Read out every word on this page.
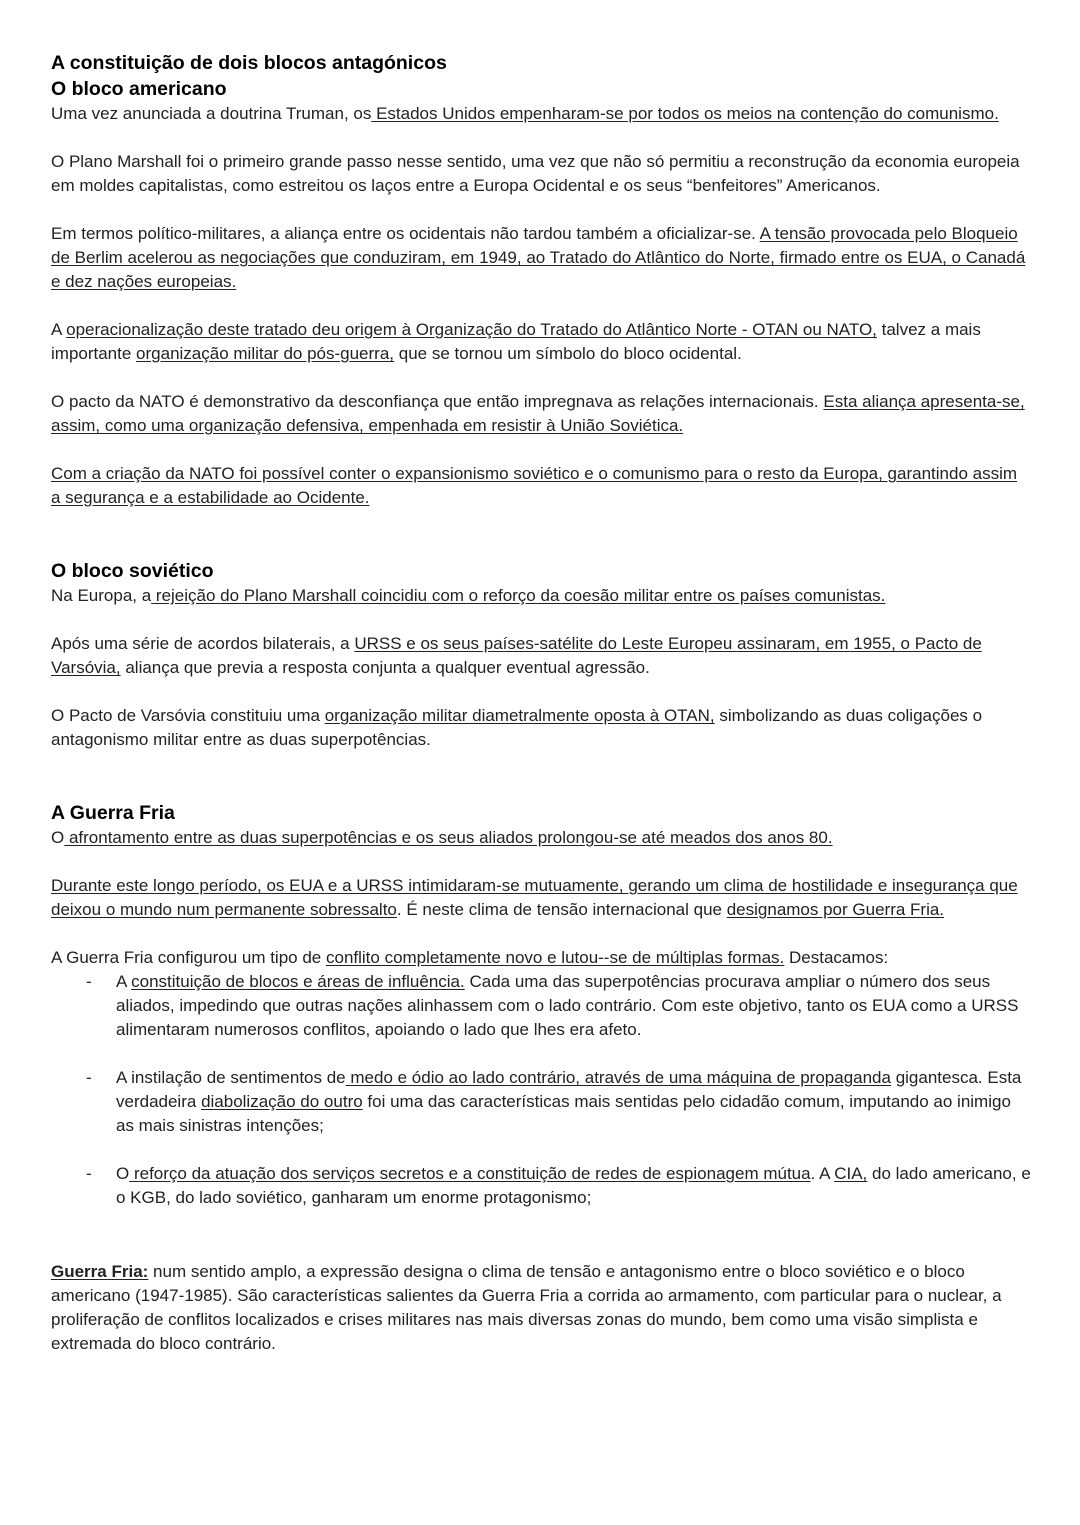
A constituição de dois blocos antagónicos
O bloco americano

Uma vez anunciada a doutrina Truman, os Estados Unidos empenharam-se por todos os meios na contenção do comunismo.

O Plano Marshall foi o primeiro grande passo nesse sentido, uma vez que não só permitiu a reconstrução da economia europeia em moldes capitalistas, como estreitou os laços entre a Europa Ocidental e os seus “benfeitores” Americanos.

Em termos político-militares, a aliança entre os ocidentais não tardou também a oficializar-se. A tensão provocada pelo Bloqueio de Berlim acelerou as negociações que conduziram, em 1949, ao Tratado do Atlântico do Norte, firmado entre os EUA, o Canadá e dez nações europeias.

A operacionalização deste tratado deu origem à Organização do Tratado do Atlântico Norte - OTAN ou NATO, talvez a mais importante organização militar do pós-guerra, que se tornou um símbolo do bloco ocidental.

O pacto da NATO é demonstrativo da desconfiança que então impregnava as relações internacionais. Esta aliança apresenta-se, assim, como uma organização defensiva, empenhada em resistir à União Soviética.

Com a criação da NATO foi possível conter o expansionismo soviético e o comunismo para o resto da Europa, garantindo assim a segurança e a estabilidade ao Ocidente.

O bloco soviético

Na Europa, a rejeição do Plano Marshall coincidiu com o reforço da coesão militar entre os países comunistas.

Após uma série de acordos bilaterais, a URSS e os seus países-satélite do Leste Europeu assinaram, em 1955, o Pacto de Varsóvia, aliança que previa a resposta conjunta a qualquer eventual agressão.

O Pacto de Varsóvia constituiu uma organização militar diametralmente oposta à OTAN, simbolizando as duas coligações o antagonismo militar entre as duas superpotências.

A Guerra Fria

O afrontamento entre as duas superpotências e os seus aliados prolongou-se até meados dos anos 80.

Durante este longo período, os EUA e a URSS intimidaram-se mutuamente, gerando um clima de hostilidade e insegurança que deixou o mundo num permanente sobressalto. É neste clima de tensão internacional que designamos por Guerra Fria.

A Guerra Fria configurou um tipo de conflito completamente novo e lutou--se de múltiplas formas. Destacamos:

- A constituição de blocos e áreas de influência. Cada uma das superpotências procurava ampliar o número dos seus aliados, impedindo que outras nações alinhassem com o lado contrário. Com este objetivo, tanto os EUA como a URSS alimentaram numerosos conflitos, apoiando o lado que lhes era afeto.
- A instilação de sentimentos de medo e ódio ao lado contrário, através de uma máquina de propaganda gigantesca. Esta verdadeira diabolização do outro foi uma das características mais sentidas pelo cidadão comum, imputando ao inimigo as mais sinistras intenções;
- O reforço da atuação dos serviços secretos e a constituição de redes de espionagem mútua. A CIA, do lado americano, e o KGB, do lado soviético, ganharam um enorme protagonismo;

Guerra Fria: num sentido amplo, a expressão designa o clima de tensão e antagonismo entre o bloco soviético e o bloco americano (1947-1985). São características salientes da Guerra Fria a corrida ao armamento, com particular para o nuclear, a proliferação de conflitos localizados e crises militares nas mais diversas zonas do mundo, bem como uma visão simplista e extremada do bloco contrário.
